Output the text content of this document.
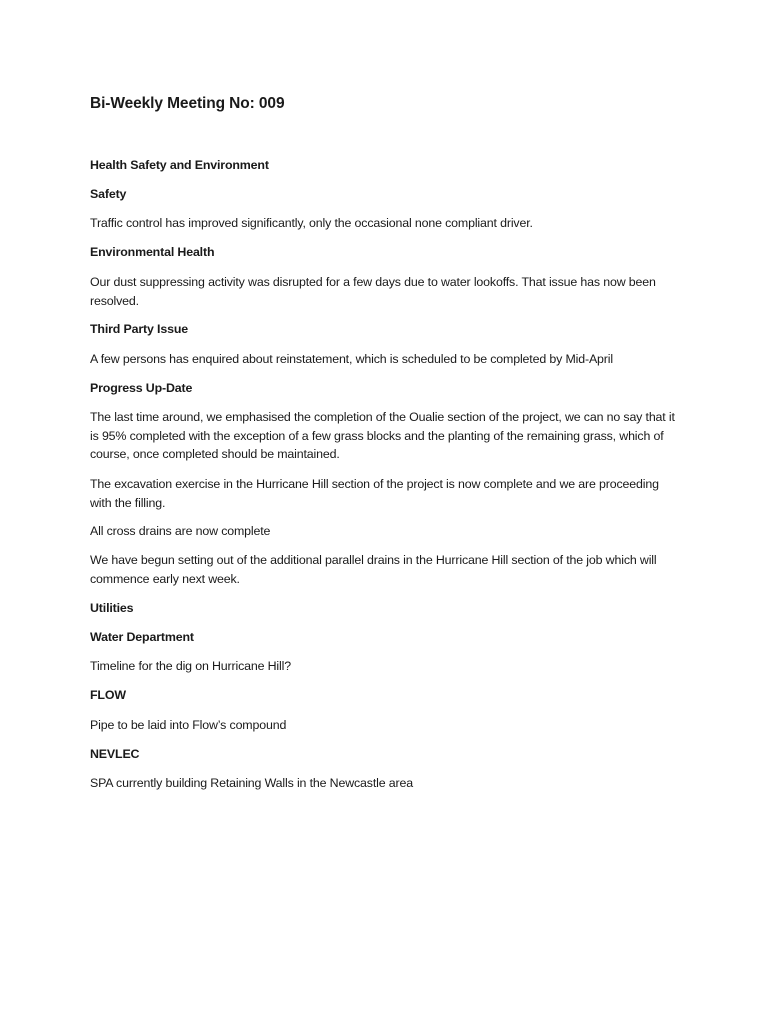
Bi-Weekly Meeting No: 009

Health Safety and Environment

Safety

Traffic control has improved significantly, only the occasional none compliant driver.

Environmental Health

Our dust suppressing activity was disrupted for a few days due to water lookoffs. That issue has now been resolved.

Third Party Issue

A few persons has enquired about reinstatement, which is scheduled to be completed by Mid-April

Progress Up-Date

The last time around, we emphasised the completion of the Oualie section of the project, we can no say that it is 95% completed with the exception of a few grass blocks and the planting of the remaining grass, which of course, once completed should be maintained.

The excavation exercise in the Hurricane Hill section of the project is now complete and we are proceeding with the filling.

All cross drains are now complete

We have begun setting out of the additional parallel drains in the Hurricane Hill section of the job which will commence early next week.

Utilities

Water Department

Timeline for the dig on Hurricane Hill?

FLOW

Pipe to be laid into Flow’s compound

NEVLEC

SPA currently building Retaining Walls in the Newcastle area
